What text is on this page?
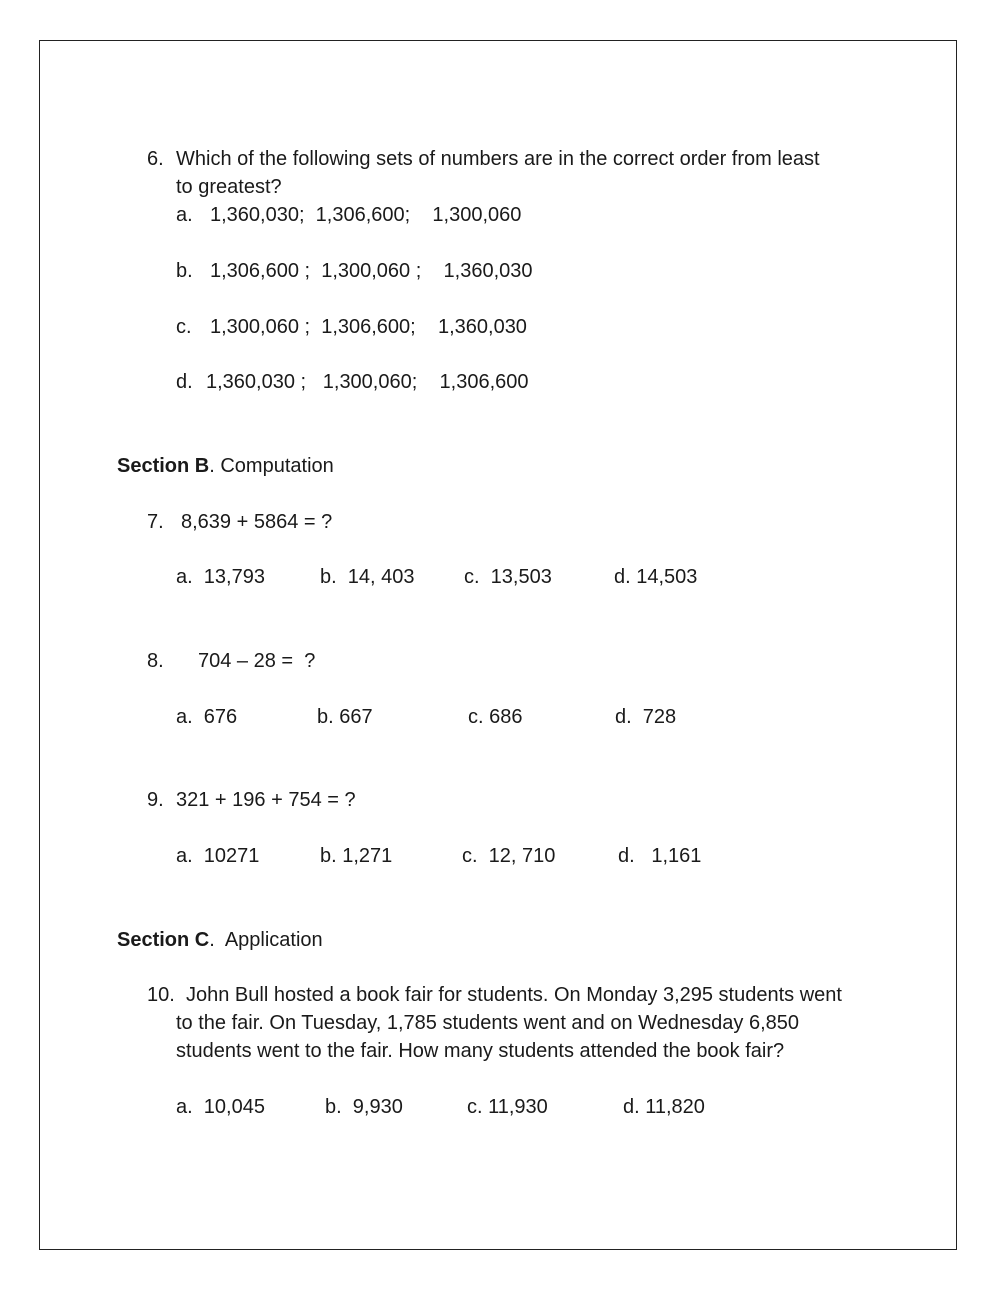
6. Which of the following sets of numbers are in the correct order from least
to greatest?
a. 1,360,030;  1,306,600;    1,300,060
b. 1,306,600 ;  1,300,060 ;    1,360,030
c. 1,300,060 ;  1,306,600;    1,360,030
d. 1,360,030 ;   1,300,060;    1,306,600
Section B. Computation
7. 8,639 + 5864 = ?
a.  13,793	b.  14, 403 c.  13,503	d. 14,503
8. 704 – 28 =  ?
a.  676	b. 667	c. 686	d.  728
9. 321 + 196 + 754 = ?
a.  10271	b. 1,271	c.  12, 710	d.   1,161
Section C.  Application
10. John Bull hosted a book fair for students. On Monday 3,295 students went
to the fair. On Tuesday, 1,785 students went and on Wednesday 6,850
students went to the fair. How many students attended the book fair?
a.  10,045	b.  9,930	c. 11,930	d. 11,820
